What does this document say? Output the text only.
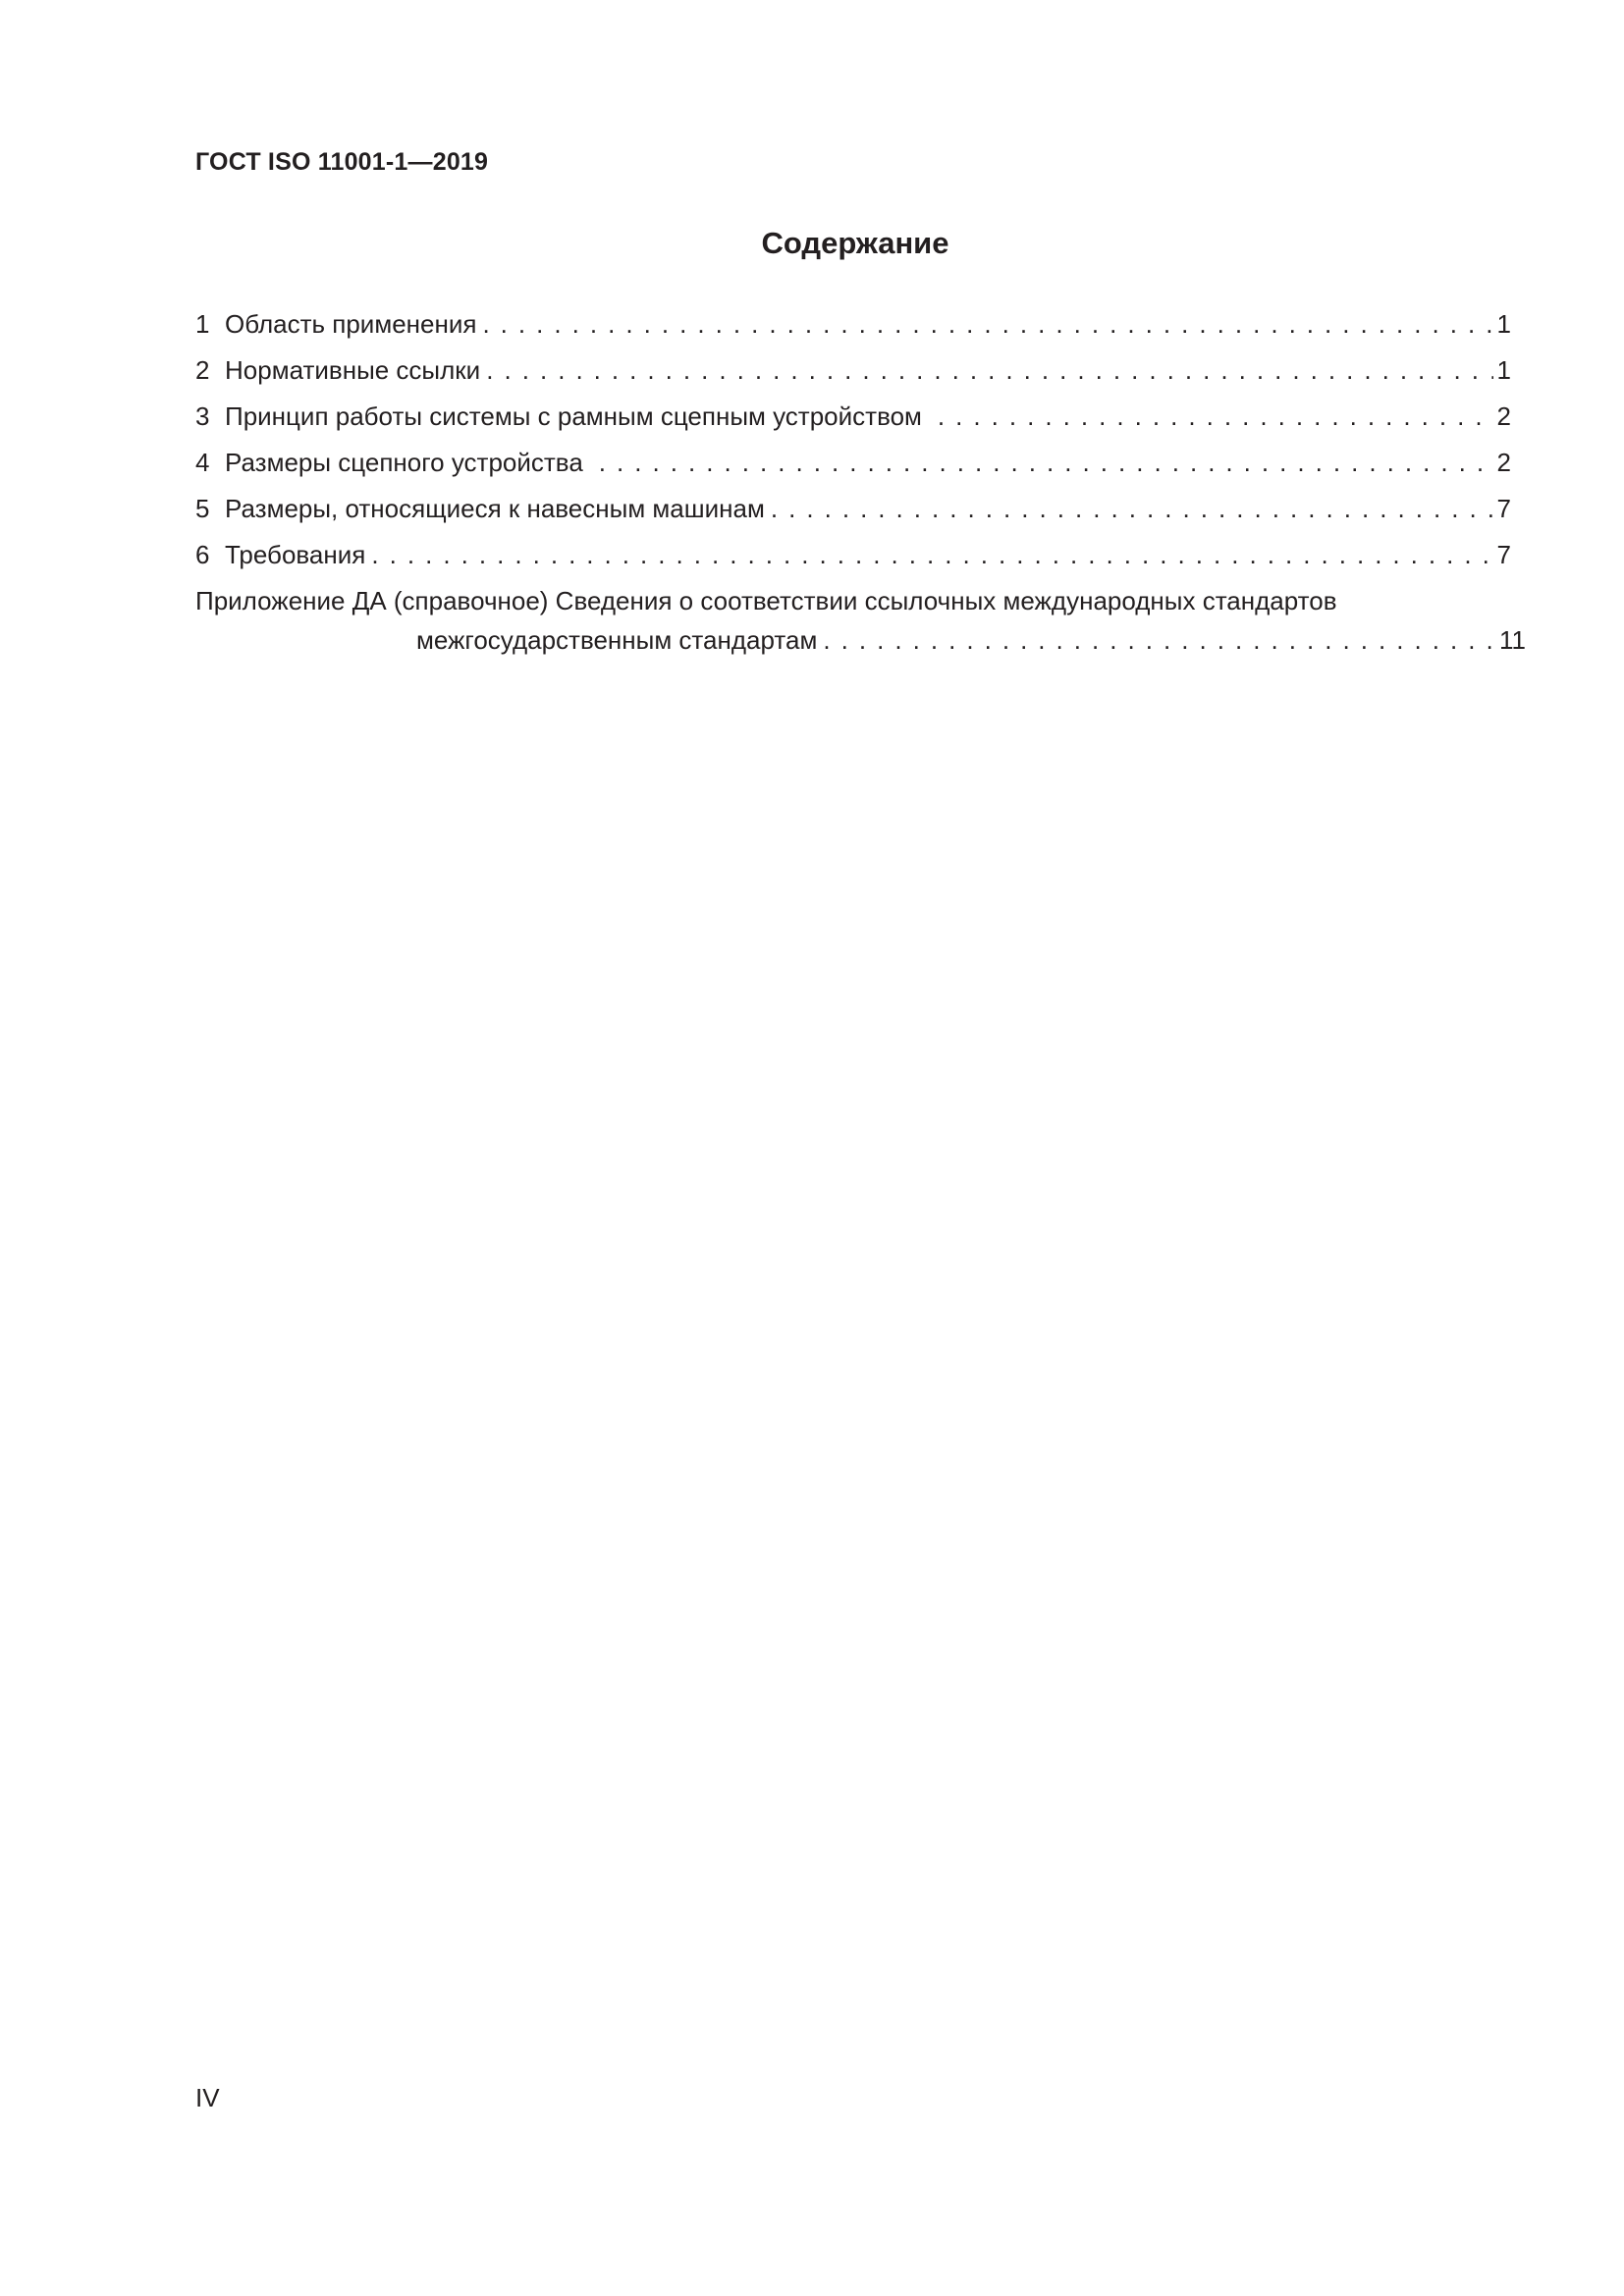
ГОСТ ISO 11001-1—2019
Содержание
1 Область применения . . .	1
2 Нормативные ссылки . . .	1
3 Принцип работы системы с рамным сцепным устройством . . .	2
4 Размеры сцепного устройства . . .	2
5 Размеры, относящиеся к навесным машинам . . .	7
6 Требования . . .	7
Приложение ДА (справочное) Сведения о соответствии ссылочных международных стандартов
межгосударственным стандартам . . .	11
IV
